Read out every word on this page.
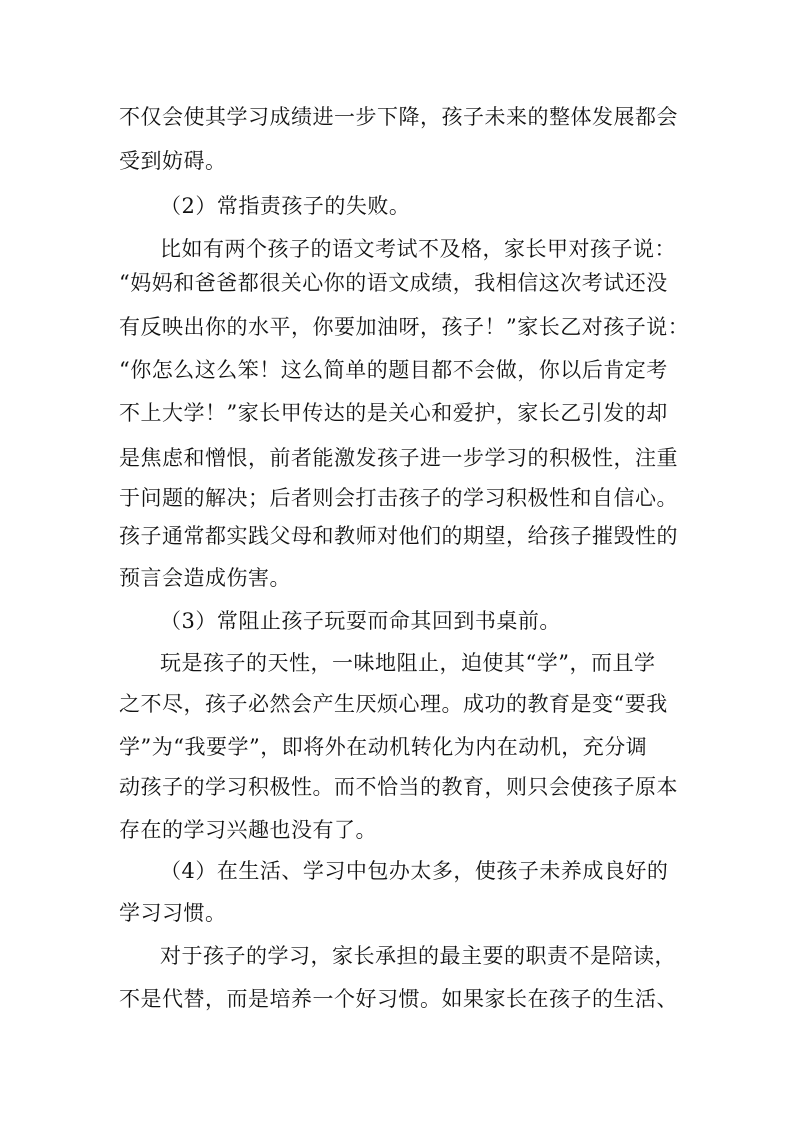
不仅会使其学习成绩进一步下降，孩子未来的整体发展都会
受到妨碍。
（2）常指责孩子的失败。
比如有两个孩子的语文考试不及格，家长甲对孩子说：
“妈妈和爸爸都很关心你的语文成绩，我相信这次考试还没
有反映出你的水平，你要加油呀，孩子！”家长乙对孩子说：
“你怎么这么笨！这么简单的题目都不会做，你以后肯定考
不上大学！”家长甲传达的是关心和爱护，家长乙引发的却
是焦虑和憎恨，前者能激发孩子进一步学习的积极性，注重
于问题的解决；后者则会打击孩子的学习积极性和自信心。
孩子通常都实践父母和教师对他们的期望，给孩子摧毁性的
预言会造成伤害。
（3）常阻止孩子玩耍而命其回到书桌前。
玩是孩子的天性，一味地阻止，迫使其“学”，而且学
之不尽，孩子必然会产生厌烦心理。成功的教育是变“要我
学”为“我要学”，即将外在动机转化为内在动机，充分调
动孩子的学习积极性。而不恰当的教育，则只会使孩子原本
存在的学习兴趣也没有了。
（4）在生活、学习中包办太多，使孩子未养成良好的
学习习惯。
对于孩子的学习，家长承担的最主要的职责不是陪读，
不是代替，而是培养一个好习惯。如果家长在孩子的生活、
